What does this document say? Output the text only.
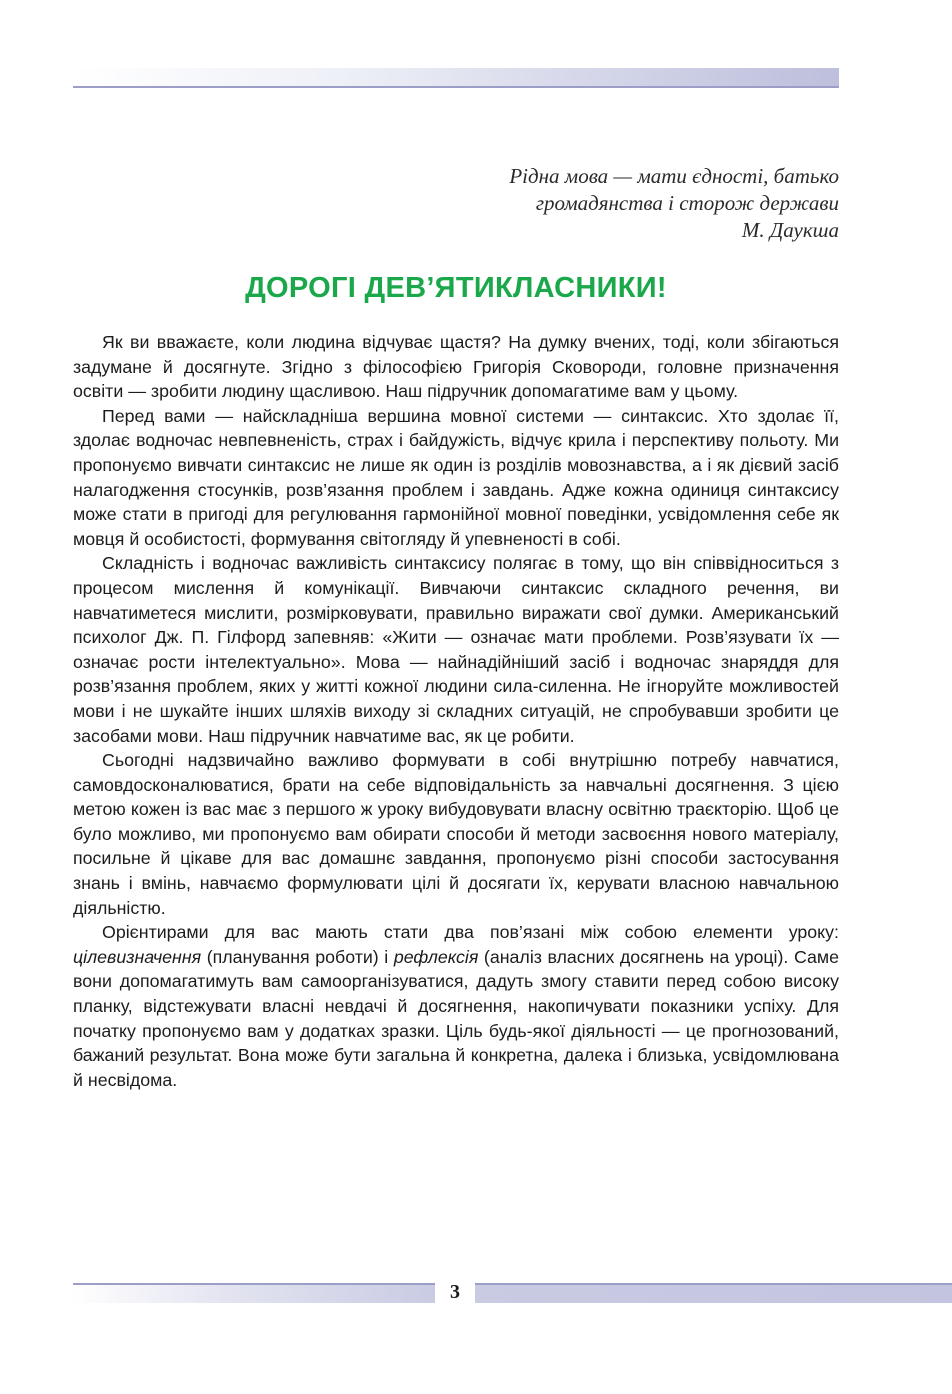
Рідна мова — мати єдності, батько

громадянства і сторож держави

М. Даукша

ДОРОГІ ДЕВ’ЯТИКЛАСНИКИ!

Як ви вважаєте, коли людина відчуває щастя? На думку вчених, тоді, коли збігаються задумане й досягнуте. Згідно з філософією Григорія Сковороди, головне призначення освіти — зробити людину щасливою. Наш підручник допомагатиме вам у цьому.

Перед вами — найскладніша вершина мовної системи — синтаксис. Хто здолає її, здолає водночас невпевненість, страх і байдужість, відчує крила і перспективу польоту. Ми пропонуємо вивчати синтаксис не лише як один із розділів мовознавства, а і як дієвий засіб налагодження стосунків, розв’язання проблем і завдань. Адже кожна одиниця синтаксису може стати в пригоді для регулювання гармонійної мовної поведінки, усвідомлення себе як мовця й особистості, формування світогляду й упевненості в собі.

Складність і водночас важливість синтаксису полягає в тому, що він співвідноситься з процесом мислення й комунікації. Вивчаючи синтаксис складного речення, ви навчатиметеся мислити, розмірковувати, правильно виражати свої думки. Американський психолог Дж. П. Гілфорд запевняв: «Жити — означає мати проблеми. Розв’язувати їх — означає рости інтелектуально». Мова — найнадійніший засіб і водночас знаряддя для розв’язання проблем, яких у житті кожної людини сила-силенна. Не ігноруйте можливостей мови і не шукайте інших шляхів виходу зі складних ситуацій, не спробувавши зробити це засобами мови. Наш підручник навчатиме вас, як це робити.

Сьогодні надзвичайно важливо формувати в собі внутрішню потребу навчатися, самовдосконалюватися, брати на себе відповідальність за навчальні досягнення. З цією метою кожен із вас має з першого ж уроку вибудовувати власну освітню траєкторію. Щоб це було можливо, ми пропонуємо вам обирати способи й методи засвоєння нового матеріалу, посильне й цікаве для вас домашнє завдання, пропонуємо різні способи застосування знань і вмінь, навчаємо формулювати цілі й досягати їх, керувати власною навчальною діяльністю.

Орієнтирами для вас мають стати два пов’язані між собою елементи уроку: цілевизначення (планування роботи) і рефлексія (аналіз власних досягнень на уроці). Саме вони допомагатимуть вам самоорганізуватися, дадуть змогу ставити перед собою високу планку, відстежувати власні невдачі й досягнення, накопичувати показники успіху. Для початку пропонуємо вам у додатках зразки. Ціль будь-якої діяльності — це прогнозований, бажаний результат. Вона може бути загальна й конкретна, далека і близька, усвідомлювана й несвідома.

3
